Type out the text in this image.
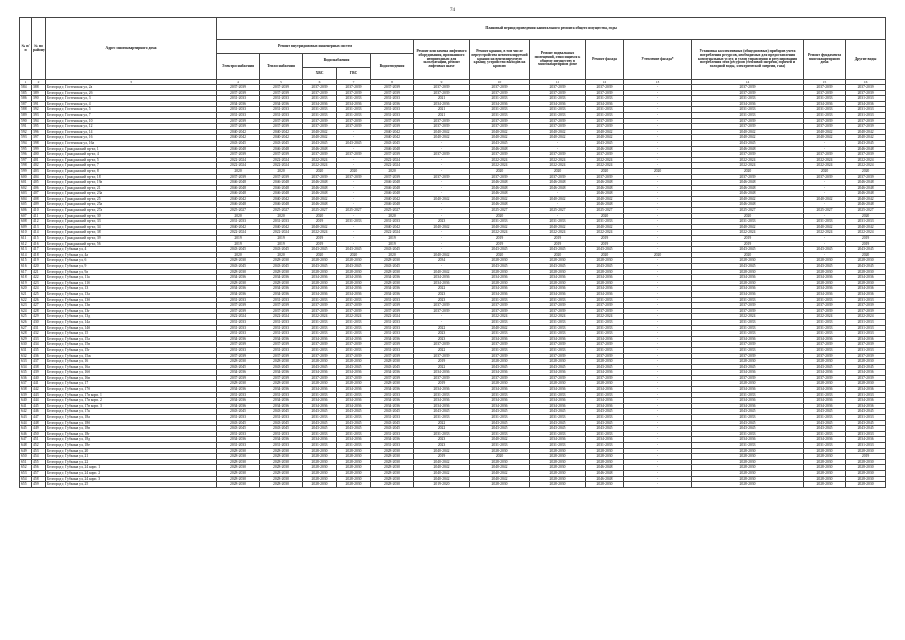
74
№ п/п	№ по району	Адрес многоквартирного дома	Плановый период проведения капитального ремонта общего имущества, годы												
			Ремонт внутридомовых инженерных систем					Ремонт или замена лифтового оборудования, признанного непригодным для эксплуатации, ремонт лифтовых шахт	Ремонт крыши, в том числе переустройство невентилируемой крыши на вентилируемую крышу, устройство выходов на кровлю	Ремонт подвальных помещений, относящихся к общему имуществу в многоквартирном доме	Ремонт фасада	Утепление фасада*	Установка коллективных (общедомовых) приборов учета потребления ресурсов, необходимых для предоставления коммунальных услуг, и узлов управления и регулирования потребления этих ресурсов (тепловой энергии, горячей и холодной воды, электрической энергии, газа)	Ремонт фундамента многоквартирного дома	Другие виды
			Электроснабжения	Теплоснабжения	Водоснабжения		Водоотведения								
					ХВС	ГВС									
1	2	3	4	5	6	7	8	9	10	11	12	13	14	15	16
584	388	Белгород г, Гостенская ул, 2а	2037-2039	2037-2039	2037-2039	2037-2039	2037-2039	2037-2039	2037-2039	2037-2039	2037-2039	-	2037-2039	2037-2039	2037-2039
585	389	Белгород г, Гостенская ул, 2б	2037-2039	2037-2039	2037-2039	2037-2039	2037-2039	2037-2039	2037-2039	2037-2039	2037-2039	-	2037-2039	2037-2039	2037-2039
586	390	Белгород г, Гостенская ул, 3	2031-2033	2031-2033	2031-2033	2031-2033	2031-2033	2021	2031-2033	2031-2033	2031-2033	-	2031-2033	2031-2033	2031-2033
587	391	Белгород г, Гостенская ул, 4	2034-2036	2034-2036	2034-2036	2034-2036	2034-2036	2034-2036	2034-2036	2034-2036	2034-2036	-	2034-2036	2034-2036	2034-2036
588	392	Белгород г, Гостенская ул, 5	2031-2033	2031-2033	2031-2033	2031-2033	2031-2033	2021	2031-2033	2031-2033	2031-2033	-	2031-2033	2031-2033	2031-2033
589	393	Белгород г, Гостенская ул, 7	2031-2033	2031-2033	2031-2033	2031-2033	2031-2033	2021	2031-2033	2031-2033	2031-2033	-	2031-2033	2031-2033	2031-2033
590	394	Белгород г, Гостенская ул, 10	2037-2039	2037-2039	2037-2039	2037-2039	2037-2039	2037-2039	2037-2039	2037-2039	2037-2039	-	2037-2039	2037-2039	2037-2039
591	395	Белгород г, Гостенская ул, 12	2037-2039	2037-2039	2037-2039	2037-2039	2037-2039	2037-2039	2037-2039	2037-2039	2037-2039	-	2037-2039	2037-2039	2037-2039
592	396	Белгород г, Гостенская ул, 14	2040-2042	2040-2042	2040-2042	-	2040-2042	2040-2042	2040-2042	2040-2042	2040-2042	-	2040-2042	2040-2042	2040-2042
593	397	Белгород г, Гостенская ул, 16	2040-2042	2040-2042	2040-2042	-	2040-2042	2040-2042	2040-2042	2040-2042	2040-2042	-	2040-2042	2040-2042	2040-2042
594	398	Белгород г, Гостенская ул, 16а	2043-2045	2043-2045	2043-2045	2043-2045	2043-2045	-	2043-2045	-	2043-2045	-	2043-2045	-	2043-2045
595	399	Белгород г, Гражданский пр-кт, 1	2046-2048	2046-2048	2046-2048	-	2046-2048	-	2046-2048	-	2046-2048	-	2046-2048	-	2046-2048
596	400	Белгород г, Гражданский пр-кт, 4	2037-2039	2037-2039	2037-2039	2037-2039	2037-2039	2037-2039	2037-2039	2037-2039	2037-2039	-	2037-2039	2037-2039	2037-2039
597	401	Белгород г, Гражданский пр-кт, 5	2022-2024	2022-2024	2022-2024	-	2022-2024	-	2022-2024	2022-2024	2022-2024	-	2022-2024	2022-2024	2022-2024
598	402	Белгород г, Гражданский пр-кт, 7	2022-2024	2022-2024	2022-2024	-	2022-2024	-	2022-2024	2022-2024	2022-2024	-	2022-2024	2022-2024	2022-2024
599	403	Белгород г, Гражданский пр-кт, 8	2020	2020	2020	2020	2020	-	2020	2020	2020	2020	2020	2020	2020
600	404	Белгород г, Гражданский пр-кт, 18	2037-2039	2037-2039	2037-2039	2037-2039	2037-2039	2037-2039	2037-2039	2037-2039	2037-2039	-	2037-2039	2037-2039	2037-2039
601	405	Белгород г, Гражданский пр-кт, 19а	2046-2048	2046-2048	2046-2048	-	2046-2048	-	2046-2048	2046-2048	2046-2048	-	2046-2048	-	2046-2048
602	406	Белгород г, Гражданский пр-кт, 21	2046-2048	2046-2048	2046-2048	-	2046-2048	-	2046-2048	2046-2048	2046-2048	-	2046-2048	-	2046-2048
603	407	Белгород г, Гражданский пр-кт, 23а	2046-2048	2046-2048	2046-2048	-	2046-2048	-	2046-2048	-	2046-2048	-	2046-2048	-	2046-2048
604	408	Белгород г, Гражданский пр-кт, 25	2040-2042	2040-2042	2040-2042	-	2040-2042	2040-2042	2040-2042	2040-2042	2040-2042	-	2040-2042	2040-2042	2040-2042
605	409	Белгород г, Гражданский пр-кт, 25а	2046-2048	2046-2048	2046-2048	-	2046-2048	-	2046-2048	-	2046-2048	-	2046-2048	-	2046-2048
606	410	Белгород г, Гражданский пр-кт, 27а	2025-2027	2025-2027	2025-2027	2025-2027	2025-2027	-	2025-2027	2025-2027	2025-2027	-	2025-2027	2025-2027	2025-2027
607	411	Белгород г, Гражданский пр-кт, 30	2020	2020	2020	-	2020	-	2020	-	2020	-	2020	-	2020
608	412	Белгород г, Гражданский пр-кт, 33	2031-2033	2031-2033	2019	2031-2033	2031-2033	2023	2031-2033	2031-2033	2031-2033	-	2031-2033	2031-2033	2031-2033
609	413	Белгород г, Гражданский пр-кт, 34	2040-2042	2040-2042	2040-2042	-	2040-2042	2040-2042	2040-2042	2040-2042	2040-2042	-	2040-2042	2040-2042	2040-2042
610	414	Белгород г, Гражданский пр-кт, 38	2022-2024	2022-2024	2022-2024	-	2022-2024	-	2022-2024	2022-2024	2022-2024	-	2022-2024	2022-2024	2022-2024
611	415	Белгород г, Гражданский пр-кт, 39	2019	2019	2019	-	2019	-	2019	2019	2019	-	2019	-	2019
612	416	Белгород г, Гражданский пр-кт, 56	2019	2019	2019	-	2019	-	2019	2019	2019	-	2019	-	2019
613	417	Белгород г, Губкина ул, 4	2043-2045	2043-2045	2043-2045	2043-2045	2043-2045	-	2043-2045	2043-2045	2043-2045	-	2043-2045	2043-2045	2043-2045
614	418	Белгород г, Губкина ул, 4а	2020	2020	2020	2020	2020	2040-2042	2020	2020	2020	2020	2020	-	2020
615	419	Белгород г, Губкина ул, 6	2028-2030	2028-2030	2028-2030	2028-2030	2028-2030	2034	2028-2030	2028-2030	2028-2030	-	2028-2030	2028-2030	2028-2030
616	420	Белгород г, Губкина ул, 9	2043-2045	2043-2045	2043-2045	2043-2045	2043-2045	-	2043-2045	2043-2045	2043-2045	-	2043-2045	2043-2045	2043-2045
617	421	Белгород г, Губкина ул, 9а	2028-2030	2028-2030	2028-2030	2028-2030	2028-2030	2040-2042	2028-2030	2028-2030	2028-2030	-	2028-2030	2028-2030	2028-2030
618	422	Белгород г, Губкина ул, 11а	2034-2036	2034-2036	2034-2036	2034-2036	2034-2036	2034-2036	2034-2036	2034-2036	2034-2036	-	2034-2036	2034-2036	2034-2036
619	423	Белгород г, Губкина ул, 11б	2028-2030	2028-2030	2028-2030	2028-2030	2028-2030	2034-2036	2028-2030	2028-2030	2028-2030	-	2028-2030	2028-2030	2028-2030
620	424	Белгород г, Губкина ул, 13	2034-2036	2034-2036	2034-2036	2034-2036	2034-2036	2022	2034-2036	2034-2036	2034-2036	-	2034-2036	2034-2036	2034-2036
621	425	Белгород г, Губкина ул, 13а	2034-2036	2034-2036	2034-2036	2034-2036	2034-2036	2023	2034-2036	2034-2036	2034-2036	-	2034-2036	2034-2036	2034-2036
622	426	Белгород г, Губкина ул, 13б	2031-2033	2031-2033	2031-2033	2031-2033	2031-2033	2023	2031-2033	2031-2033	2031-2033	-	2031-2033	2031-2033	2031-2033
623	427	Белгород г, Губкина ул, 13в	2037-2039	2037-2039	2037-2039	2037-2039	2037-2039	2037-2039	2037-2039	2037-2039	2037-2039	-	2037-2039	2037-2039	2037-2039
624	428	Белгород г, Губкина ул, 13г	2037-2039	2037-2039	2037-2039	2037-2039	2037-2039	2037-2039	2037-2039	2037-2039	2037-2039	-	2037-2039	2037-2039	2037-2039
625	429	Белгород г, Губкина ул, 13д	2022-2024	2022-2024	2022-2024	2022-2024	2022-2024	-	2022-2024	2022-2024	2022-2024	-	2022-2024	2022-2024	2022-2024
626	430	Белгород г, Губкина ул, 14а	2031-2033	2031-2033	2031-2033	2031-2033	2031-2033	-	2031-2033	2031-2033	2031-2033	-	2031-2033	2031-2033	2031-2033
627	431	Белгород г, Губкина ул, 14б	2031-2033	2031-2033	2031-2033	2031-2033	2031-2033	2022	2040-2042	2031-2033	2031-2033	-	2031-2033	2031-2033	2031-2033
628	432	Белгород г, Губкина ул, 15	2031-2033	2031-2033	2031-2033	2031-2033	2031-2033	2023	2031-2033	2031-2033	2031-2033	-	2031-2033	2031-2033	2031-2033
629	433	Белгород г, Губкина ул, 15а	2034-2036	2034-2036	2034-2036	2034-2036	2034-2036	2023	2034-2036	2034-2036	2034-2036	-	2034-2036	2034-2036	2034-2036
630	434	Белгород г, Губкина ул, 15в	2037-2039	2037-2039	2037-2039	2037-2039	2037-2039	2037-2039	2037-2039	2037-2039	2037-2039	-	2037-2039	2037-2039	2037-2039
631	435	Белгород г, Губкина ул, 15г	2031-2033	2031-2033	2031-2033	2031-2033	2031-2033	2022	2031-2033	2031-2033	2031-2033	-	2031-2033	2031-2033	2031-2033
632	436	Белгород г, Губкина ул, 15ж	2037-2039	2037-2039	2037-2039	2037-2039	2037-2039	2037-2039	2037-2039	2037-2039	2037-2039	-	2037-2039	2037-2039	2037-2039
633	437	Белгород г, Губкина ул, 16	2028-2030	2028-2030	2028-2030	2028-2030	2028-2030	2019	2028-2030	2028-2030	2028-2030	-	2028-2030	2028-2030	2028-2030
634	438	Белгород г, Губкина ул, 16а	2043-2045	2043-2045	2043-2045	2043-2045	2043-2045	2022	2043-2045	2043-2045	2043-2045	-	2043-2045	2043-2045	2043-2045
635	439	Белгород г, Губкина ул, 16б	2034-2036	2034-2036	2034-2036	2034-2036	2034-2036	2034-2036	2034-2036	2034-2036	2034-2036	-	2034-2036	2034-2036	2034-2036
636	440	Белгород г, Губкина ул, 16в	2037-2039	2037-2039	2037-2039	2037-2039	2037-2039	2037-2039	2037-2039	2037-2039	2037-2039	-	2037-2039	2037-2039	2037-2039
637	441	Белгород г, Губкина ул, 17	2028-2030	2028-2030	2028-2030	2028-2030	2028-2030	2019	2028-2030	2028-2030	2028-2030	-	2028-2030	2028-2030	2028-2030
638	442	Белгород г, Губкина ул, 17б	2034-2036	2034-2036	2034-2036	2034-2036	2034-2036	2034-2036	2034-2036	2034-2036	2034-2036	-	2034-2036	2034-2036	2034-2036
639	443	Белгород г, Губкина ул, 17в корп. 1	2031-2033	2031-2033	2031-2033	2031-2033	2031-2033	2031-2033	2031-2033	2031-2033	2031-2033	-	2031-2033	2031-2033	2031-2033
640	444	Белгород г, Губкина ул, 17в корп. 2	2034-2036	2034-2036	2034-2036	2034-2036	2034-2036	2034-2036	2034-2036	2034-2036	2034-2036	-	2034-2036	2034-2036	2034-2036
641	445	Белгород г, Губкина ул, 17в корп. 3	2034-2036	2034-2036	2034-2036	2034-2036	2034-2036	2034-2036	2034-2036	2034-2036	2034-2036	-	2034-2036	2034-2036	2034-2036
642	446	Белгород г, Губкина ул, 17к	2043-2045	2043-2045	2043-2045	2043-2045	2043-2045	2043-2045	2043-2045	2043-2045	2043-2045	-	2043-2045	2043-2045	2043-2045
643	447	Белгород г, Губкина ул, 18а	2031-2033	2031-2033	2031-2033	2031-2033	2031-2033	2031-2033	2031-2033	2031-2033	2031-2033	-	2031-2033	2031-2033	2031-2033
644	448	Белгород г, Губкина ул, 18б	2043-2045	2043-2045	2043-2045	2043-2045	2043-2045	2022	2043-2045	2043-2045	2043-2045	-	2043-2045	2043-2045	2043-2045
645	449	Белгород г, Губкина ул, 18в	2043-2045	2043-2045	2043-2045	2043-2045	2043-2045	2022	2043-2045	2043-2045	2043-2045	-	2043-2045	2043-2045	2043-2045
646	450	Белгород г, Губкина ул, 18г	2031-2033	2031-2033	2031-2033	2031-2033	2031-2033	2031-2033	2031-2033	2031-2033	2031-2033	-	2031-2033	2031-2033	2031-2033
647	451	Белгород г, Губкина ул, 18д	2034-2036	2034-2036	2034-2036	2034-2036	2034-2036	2023	2040-2042	2034-2036	2034-2036	-	2034-2036	2034-2036	2034-2036
648	452	Белгород г, Губкина ул, 18е	2031-2033	2031-2033	2031-2033	2031-2033	2031-2033	2023	2031-2033	2031-2033	2031-2033	-	2031-2033	2031-2033	2031-2033
649	453	Белгород г, Губкина ул, 20	2028-2030	2028-2030	2028-2030	2028-2030	2028-2030	2040-2042	2028-2030	2028-2030	2028-2030	-	2028-2030	2028-2030	2028-2030
650	454	Белгород г, Губкина ул, 21	2028-2030	2028-2030	2028-2030	2028-2030	2028-2030	2019	2020	2028-2030	2028-2030	-	2028-2030	2028-2030	2019
651	455	Белгород г, Губкина ул, 22	2028-2030	2028-2030	2028-2030	2028-2030	2028-2030	2040-2042	2028-2030	2028-2030	2028-2030	-	2028-2030	2028-2030	2028-2030
652	456	Белгород г, Губкина ул, 24 корп. 1	2028-2030	2028-2030	2028-2030	2028-2030	2028-2030	2040-2042	2040-2042	2028-2030	2046-2048	-	2028-2030	2028-2030	2028-2030
653	457	Белгород г, Губкина ул, 24 корп. 2	2028-2030	2028-2030	2028-2030	2028-2030	2028-2030	2040-2042	2040-2042	2028-2030	2046-2048	-	2028-2030	2028-2030	2028-2030
654	458	Белгород г, Губкина ул, 24 корп. 3	2028-2030	2028-2030	2028-2030	2028-2030	2028-2030	2040-2042	2040-2042	2028-2030	2046-2048	-	2028-2030	2028-2030	2028-2030
655	459	Белгород г, Губкина ул, 25	2028-2030	2028-2030	2028-2030	2028-2030	2028-2030	2019-2020	2028-2030	2028-2030	2028-2030	-	2028-2030	2028-2030	2028-2030
